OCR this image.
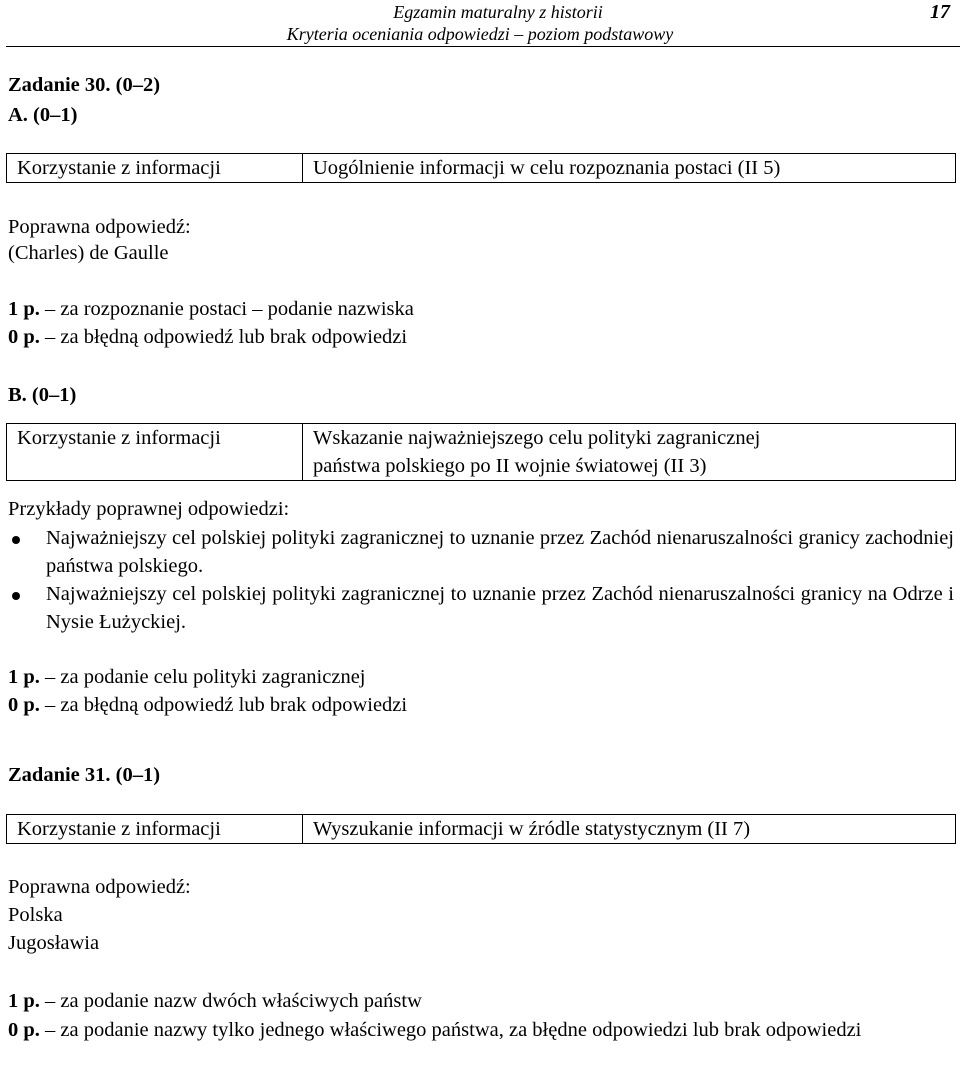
Egzamin maturalny z historii
Kryteria oceniania odpowiedzi – poziom podstawowy
17
Zadanie 30. (0–2)
A. (0–1)
Korzystanie z informacji	Uogólnienie informacji w celu rozpoznania postaci (II 5)
Poprawna odpowiedź:
(Charles) de Gaulle
1 p. – za rozpoznanie postaci – podanie nazwiska
0 p. – za błędną odpowiedź lub brak odpowiedzi
B. (0–1)
Korzystanie z informacji	Wskazanie najważniejszego celu polityki zagranicznej
państwa polskiego po II wojnie światowej (II 3)
Przykłady poprawnej odpowiedzi:
Najważniejszy cel polskiej polityki zagranicznej to uznanie przez Zachód nienaruszalności granicy zachodniej państwa polskiego.
Najważniejszy cel polskiej polityki zagranicznej to uznanie przez Zachód nienaruszalności granicy na Odrze i Nysie Łużyckiej.
1 p. – za podanie celu polityki zagranicznej
0 p. – za błędną odpowiedź lub brak odpowiedzi
Zadanie 31. (0–1)
Korzystanie z informacji	Wyszukanie informacji w źródle statystycznym (II 7)
Poprawna odpowiedź:
Polska
Jugosławia
1 p. – za podanie nazw dwóch właściwych państw
0 p. – za podanie nazwy tylko jednego właściwego państwa, za błędne odpowiedzi lub brak odpowiedzi
